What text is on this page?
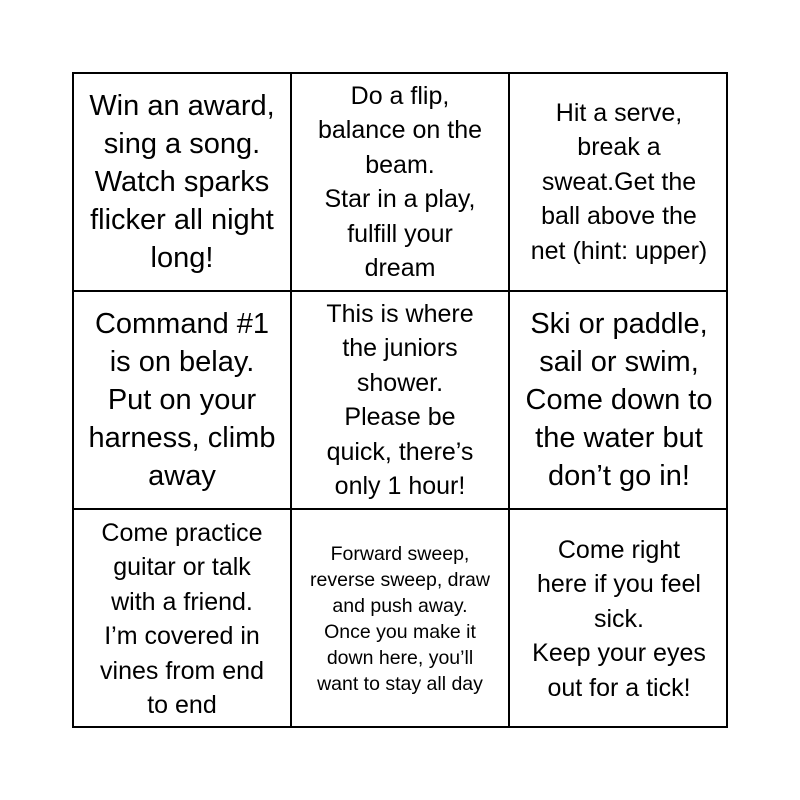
Win an award,
sing a song.
Watch sparks
flicker all night
long!
Do a flip,
balance on the
beam.
Star in a play,
fulfill your
dream
Hit a serve,
break a
sweat.Get the
ball above the
net (hint: upper)
Command #1
is on belay.
Put on your
harness, climb
away
This is where
the juniors
shower.
Please be
quick, there’s
only 1 hour!
Ski or paddle,
sail or swim,
Come down to
the water but
don’t go in!
Come practice
guitar or talk
with a friend.
I’m covered in
vines from end
to end
Forward sweep,
reverse sweep, draw
and push away.
Once you make it
down here, you’ll
want to stay all day
Come right
here if you feel
sick.
Keep your eyes
out for a tick!
